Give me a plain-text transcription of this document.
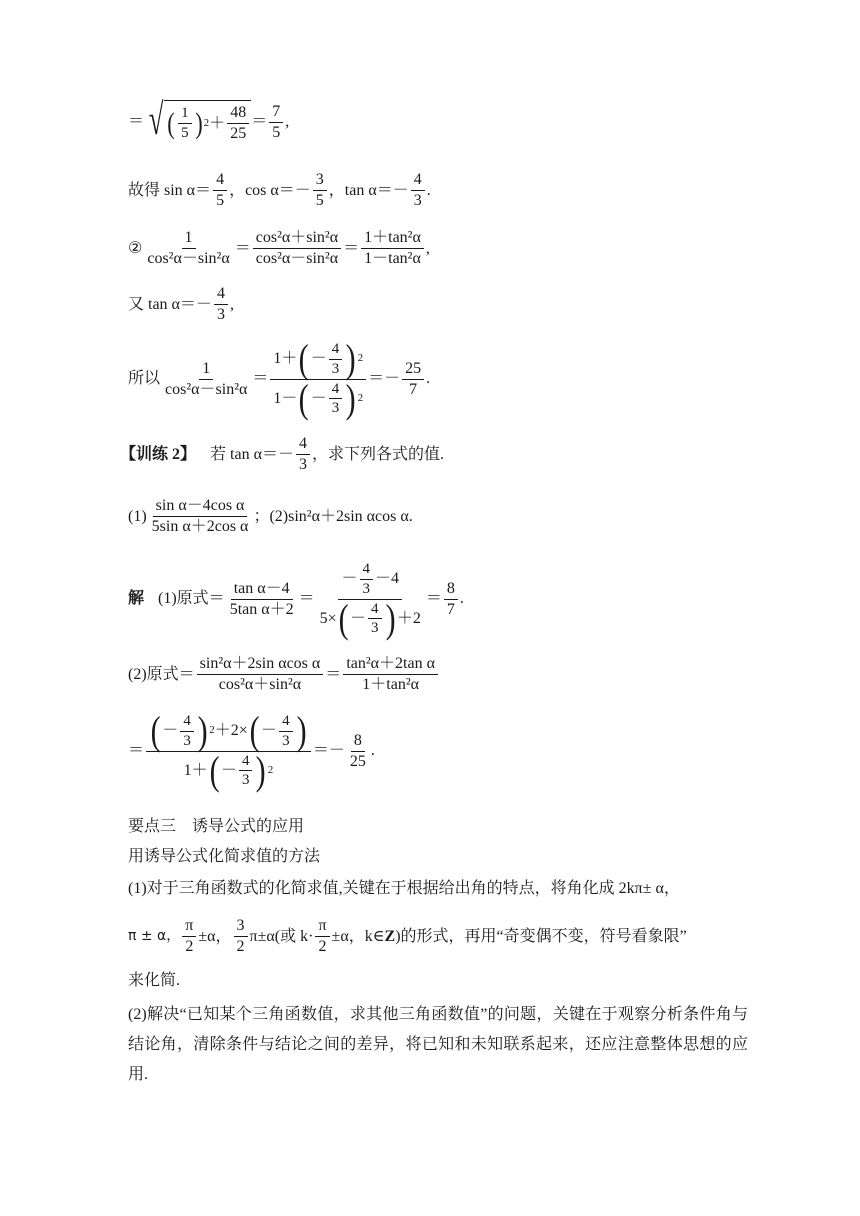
＝ √ ( $\frac{1}{5}$ ) $2 + \frac{48}{25} = \frac{7}{5}$ ,
故得 $\sin \alpha= \frac{4}{5}$ ，$\cos \alpha=- \frac{3}{5}$ ，$\tan \alpha=- \frac{4}{3}$ .
② $\frac{1}{\text{cos²α－sin²α}} = \frac{\text{cos²α＋sin²α}}{\text{cos²α－sin²α}} = \frac{\text{1＋tan²α}}{\text{1－tan²α}}$ ,
又 $\tan \alpha=- \frac{4}{3}$ ,
所以 $\frac{1}{\text{cos²α－sin²α}} = \frac{1+ ( - \frac{4}{3} ) 2}{1- ( - \frac{4}{3} ) 2} =- \frac{25}{7}$ .
【训练 2】 若 $\tan \alpha=- \frac{4}{3}$ ，求下列各式的值.
$(1) \frac{\text{sin α－4cos α}}{\text{5sin α＋2cos α}}$ ； (2)sin²α＋2sin αcos α.
解 (1)原式＝ $\frac{\text{tan α－4}}{\text{5tan α＋2}} = \frac{- \frac{4}{3} -4}{5\times ( - \frac{4}{3} ) +2} = \frac{8}{7}$ .
(2)原式＝ $\frac{\text{sin²α＋2sin αcos α}}{\text{cos²α＋sin²α}} = \frac{\text{tan²α＋2tan α}}{\text{1＋tan²α}}$
＝ $\frac{( - \frac{4}{3} ) 2 +2\times ( - \frac{4}{3} )}{1+ ( - \frac{4}{3} ) 2} =- \frac{8}{25}$ .
要点三　诱导公式的应用
用诱导公式化简求值的方法
(1)对于三角函数式的化简求值,关键在于根据给出角的特点，将角化成 2kπ± α，
π ± α， $\frac{\pi}{2} \pm\alpha$， $\frac{3}{2} \pi\pm\alpha$(或 $k\cdot \frac{\pi}{2} \pm\alpha$，k∈ Z )的形式，再用“奇变偶不变，符号看象限”
来化简.
(2)解决“已知某个三角函数值，求其他三角函数值”的问题，关键在于观察分析条件角与结论角，清除条件与结论之间的差异，将已知和未知联系起来，还应注意整体思想的应用.
